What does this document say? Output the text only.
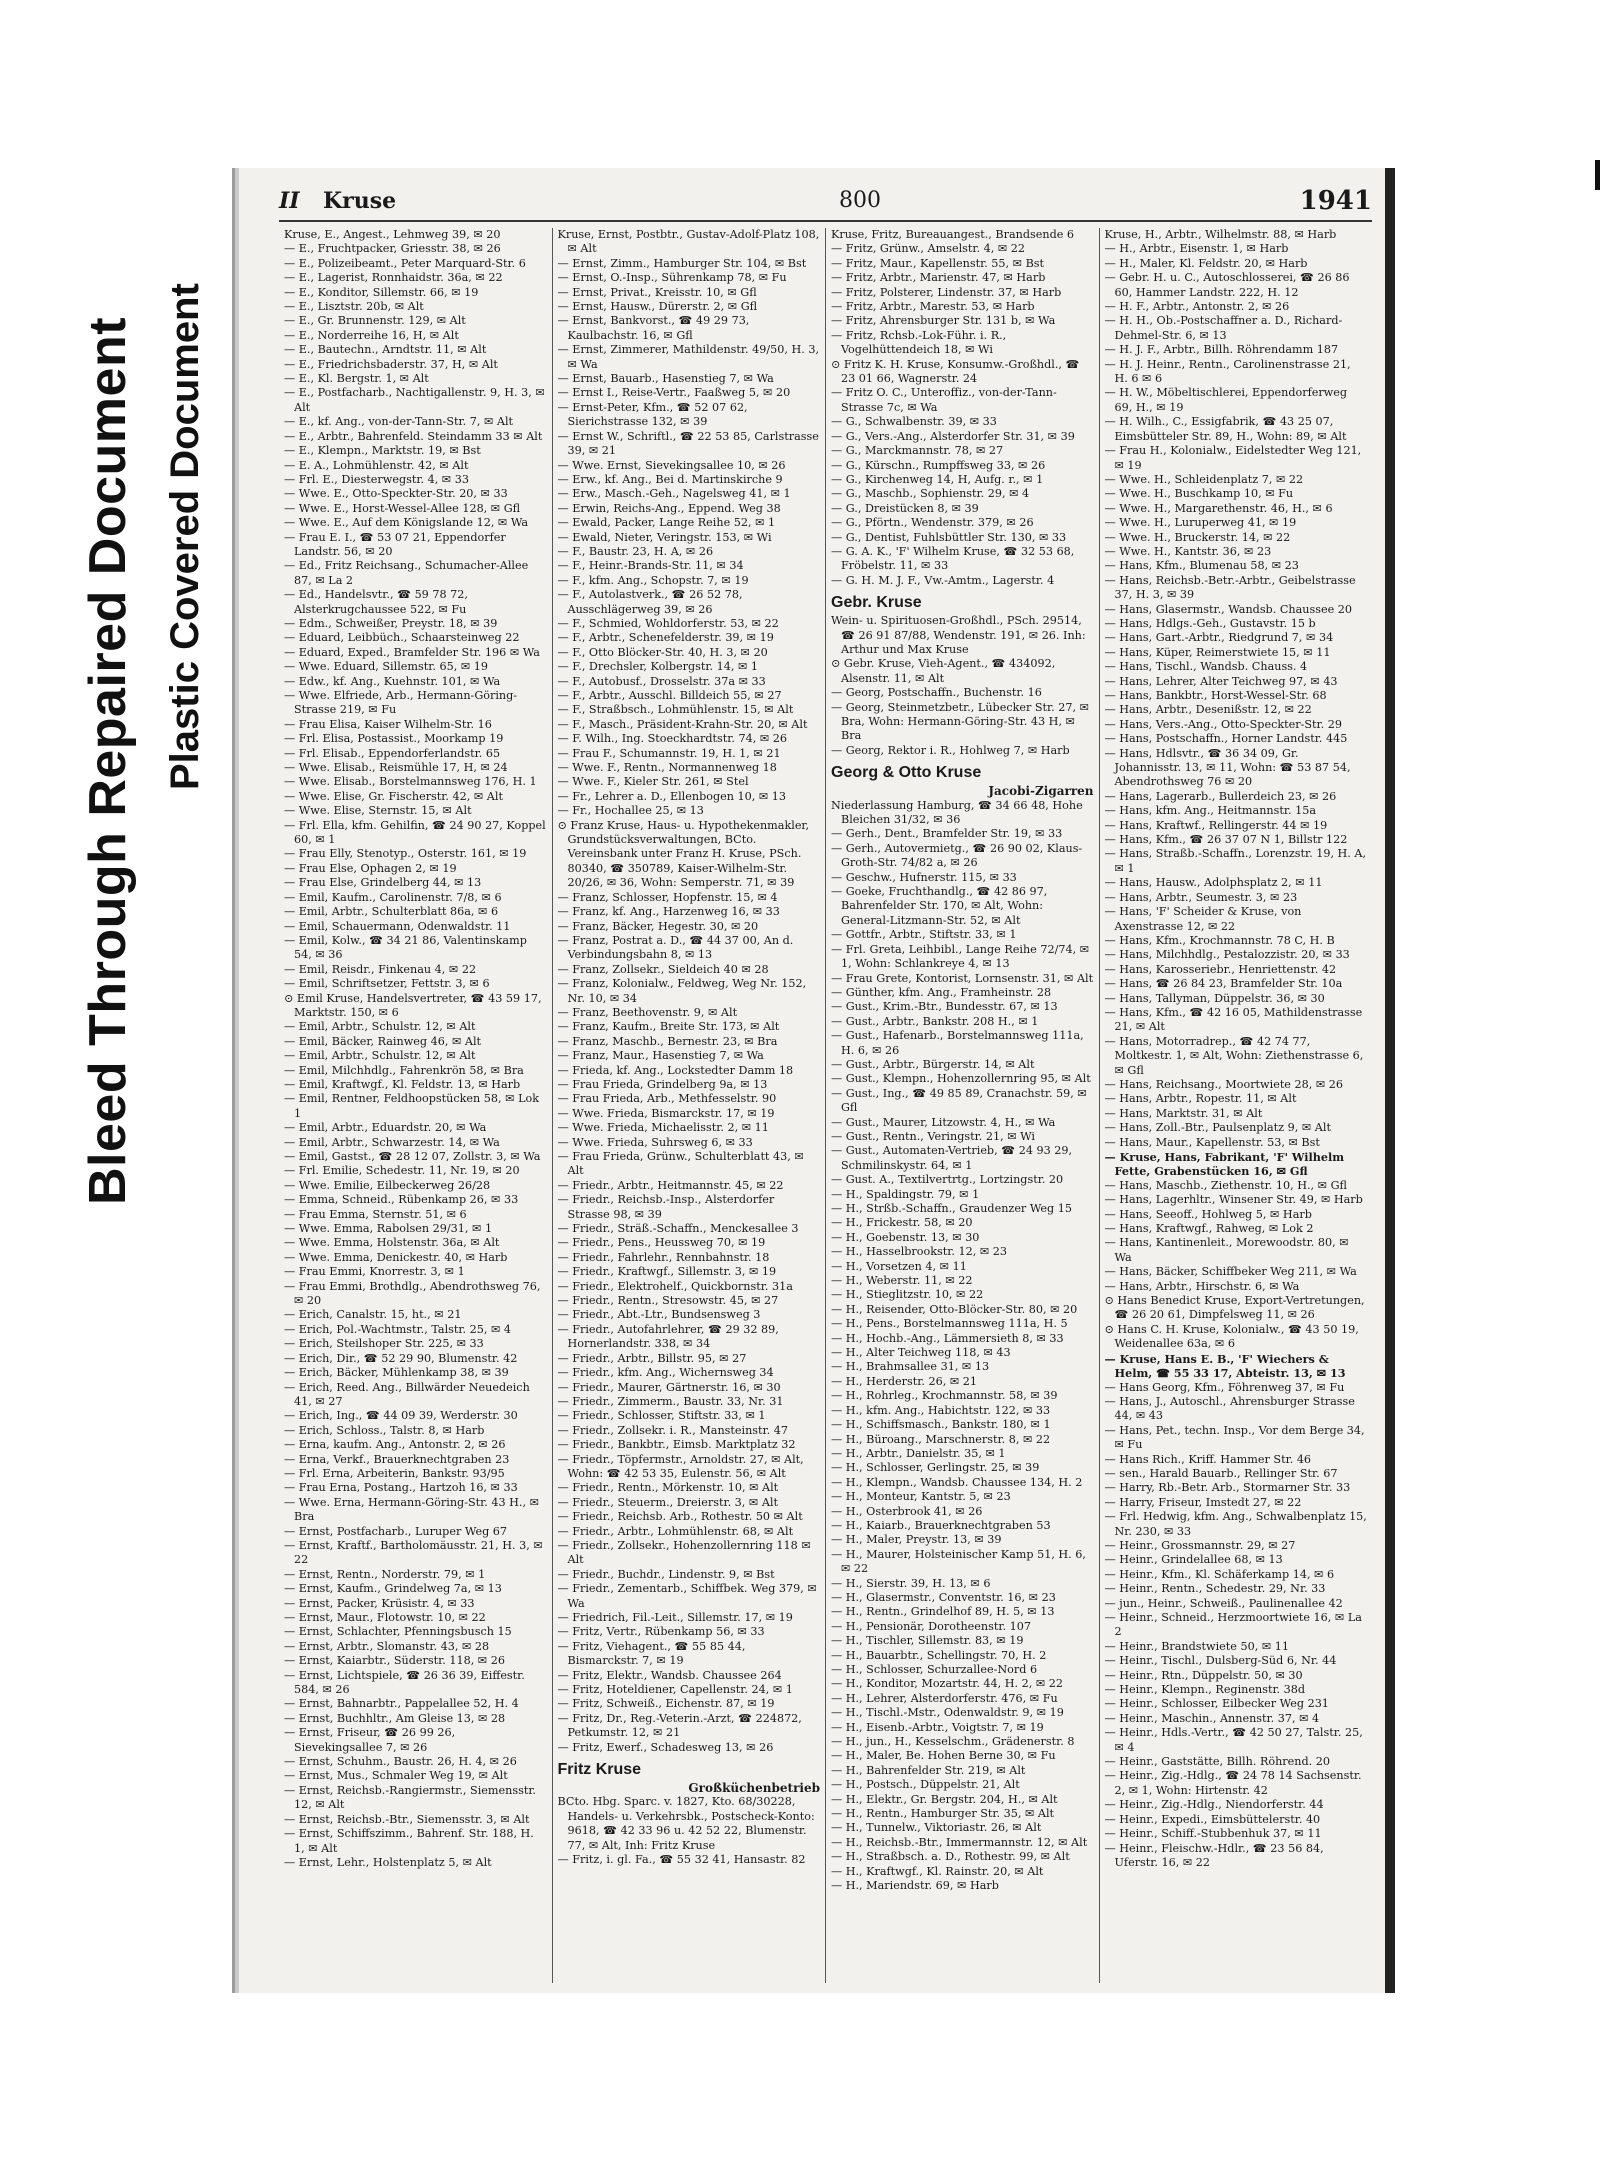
Bleed Through Repaired Document Plastic Covered Document
II Kruse	800	1941
Kruse, E., Angest., Lehmweg 39, ✉ 20
— E., Fruchtpacker, Griesstr. 38, ✉ 26
— E., Polizeibeamt., Peter Marquard-Str. 6
— E., Lagerist, Ronnhaidstr. 36a, ✉ 22
— E., Konditor, Sillemstr. 66, ✉ 19
— E., Lisztstr. 20b, ✉ Alt
— E., Gr. Brunnenstr. 129, ✉ Alt
— E., Norderreihe 16, H, ✉ Alt
— E., Bautechn., Arndtstr. 11, ✉ Alt
— E., Friedrichsbaderstr. 37, H, ✉ Alt
— E., Kl. Bergstr. 1, ✉ Alt
— E., Postfacharb., Nachtigallenstr. 9, H. 3, ✉ Alt
— E., kf. Ang., von-der-Tann-Str. 7, ✉ Alt
— E., Arbtr., Bahrenfeld. Steindamm 33 ✉ Alt
— E., Klempn., Marktstr. 19, ✉ Bst
— E. A., Lohmühlenstr. 42, ✉ Alt
— Frl. E., Diesterwegstr. 4, ✉ 33
— Wwe. E., Otto-Speckter-Str. 20, ✉ 33
— Wwe. E., Horst-Wessel-Allee 128, ✉ Gfl
— Wwe. E., Auf dem Königslande 12, ✉ Wa
— Frau E. I., ☎ 53 07 21, Eppendorfer Landstr. 56, ✉ 20
— Ed., Fritz Reichsang., Schumacher-Allee 87, ✉ La 2
— Ed., Handelsvtr., ☎ 59 78 72, Alsterkrugchaussee 522, ✉ Fu
— Edm., Schweißer, Preystr. 18, ✉ 39
— Eduard, Leibbüch., Schaarsteinweg 22
— Eduard, Exped., Bramfelder Str. 196 ✉ Wa
— Wwe. Eduard, Sillemstr. 65, ✉ 19
— Edw., kf. Ang., Kuehnstr. 101, ✉ Wa
— Wwe. Elfriede, Arb., Hermann-Göring-Strasse 219, ✉ Fu
— Frau Elisa, Kaiser Wilhelm-Str. 16
— Frl. Elisa, Postassist., Moorkamp 19
— Frl. Elisab., Eppendorferlandstr. 65
— Wwe. Elisab., Reismühle 17, H, ✉ 24
— Wwe. Elisab., Borstelmannsweg 176, H. 1
— Wwe. Elise, Gr. Fischerstr. 42, ✉ Alt
— Wwe. Elise, Sternstr. 15, ✉ Alt
— Frl. Ella, kfm. Gehilfin, ☎ 24 90 27, Koppel 60, ✉ 1
— Frau Elly, Stenotyp., Osterstr. 161, ✉ 19
— Frau Else, Ophagen 2, ✉ 19
— Frau Else, Grindelberg 44, ✉ 13
— Emil, Kaufm., Carolinenstr. 7/8, ✉ 6
— Emil, Arbtr., Schulterblatt 86a, ✉ 6
— Emil, Schauermann, Odenwaldstr. 11
— Emil, Kolw., ☎ 34 21 86, Valentinskamp 54, ✉ 36
— Emil, Reisdr., Finkenau 4, ✉ 22
— Emil, Schriftsetzer, Fettstr. 3, ✉ 6
⊙ Emil Kruse, Handelsvertreter, ☎ 43 59 17, Marktstr. 150, ✉ 6
— Emil, Arbtr., Schulstr. 12, ✉ Alt
— Emil, Bäcker, Rainweg 46, ✉ Alt
— Emil, Arbtr., Schulstr. 12, ✉ Alt
— Emil, Milchhdlg., Fahrenkrön 58, ✉ Bra
— Emil, Kraftwgf., Kl. Feldstr. 13, ✉ Harb
— Emil, Rentner, Feldhoopstücken 58, ✉ Lok 1
— Emil, Arbtr., Eduardstr. 20, ✉ Wa
— Emil, Arbtr., Schwarzestr. 14, ✉ Wa
— Emil, Gastst., ☎ 28 12 07, Zollstr. 3, ✉ Wa
— Frl. Emilie, Schedestr. 11, Nr. 19, ✉ 20
— Wwe. Emilie, Eilbeckerweg 26/28
— Emma, Schneid., Rübenkamp 26, ✉ 33
— Frau Emma, Sternstr. 51, ✉ 6
— Wwe. Emma, Rabolsen 29/31, ✉ 1
— Wwe. Emma, Holstenstr. 36a, ✉ Alt
— Wwe. Emma, Denickestr. 40, ✉ Harb
— Frau Emmi, Knorrestr. 3, ✉ 1
— Frau Emmi, Brothdlg., Abendrothsweg 76, ✉ 20
— Erich, Canalstr. 15, ht., ✉ 21
— Erich, Pol.-Wachtmstr., Talstr. 25, ✉ 4
— Erich, Steilshoper Str. 225, ✉ 33
— Erich, Dir., ☎ 52 29 90, Blumenstr. 42
— Erich, Bäcker, Mühlenkamp 38, ✉ 39
— Erich, Reed. Ang., Billwärder Neuedeich 41, ✉ 27
— Erich, Ing., ☎ 44 09 39, Werderstr. 30
— Erich, Schloss., Talstr. 8, ✉ Harb
— Erna, kaufm. Ang., Antonstr. 2, ✉ 26
— Erna, Verkf., Brauerknechtgraben 23
— Frl. Erna, Arbeiterin, Bankstr. 93/95
— Frau Erna, Postang., Hartzoh 16, ✉ 33
— Wwe. Erna, Hermann-Göring-Str. 43 H., ✉ Bra
— Ernst, Postfacharb., Luruper Weg 67
— Ernst, Kraftf., Bartholomäusstr. 21, H. 3, ✉ 22
— Ernst, Rentn., Norderstr. 79, ✉ 1
— Ernst, Kaufm., Grindelweg 7a, ✉ 13
— Ernst, Packer, Krüsistr. 4, ✉ 33
— Ernst, Maur., Flotowstr. 10, ✉ 22
— Ernst, Schlachter, Pfenningsbusch 15
— Ernst, Arbtr., Slomanstr. 43, ✉ 28
— Ernst, Kaiarbtr., Süderstr. 118, ✉ 26
— Ernst, Lichtspiele, ☎ 26 36 39, Eiffestr. 584, ✉ 26
— Ernst, Bahnarbtr., Pappelallee 52, H. 4
— Ernst, Buchhltr., Am Gleise 13, ✉ 28
— Ernst, Friseur, ☎ 26 99 26, Sievekingsallee 7, ✉ 26
— Ernst, Schuhm., Baustr. 26, H. 4, ✉ 26
— Ernst, Mus., Schmaler Weg 19, ✉ Alt
— Ernst, Reichsb.-Rangiermstr., Siemensstr. 12, ✉ Alt
— Ernst, Reichsb.-Btr., Siemensstr. 3, ✉ Alt
— Ernst, Schiffszimm., Bahrenf. Str. 188, H. 1, ✉ Alt
— Ernst, Lehr., Holstenplatz 5, ✉ Alt
Kruse, Ernst, Postbtr., Gustav-Adolf-Platz 108, ✉ Alt
— Ernst, Zimm., Hamburger Str. 104, ✉ Bst
— Ernst, O.-Insp., Sührenkamp 78, ✉ Fu
— Ernst, Privat., Kreisstr. 10, ✉ Gfl
— Ernst, Hausw., Dürerstr. 2, ✉ Gfl
— Ernst, Bankvorst., ☎ 49 29 73, Kaulbachstr. 16, ✉ Gfl
— Ernst, Zimmerer, Mathildenstr. 49/50, H. 3, ✉ Wa
— Ernst, Bauarb., Hasenstieg 7, ✉ Wa
— Ernst I., Reise-Vertr., Faaßweg 5, ✉ 20
— Ernst-Peter, Kfm., ☎ 52 07 62, Sierichstrasse 132, ✉ 39
— Ernst W., Schriftl., ☎ 22 53 85, Carlstrasse 39, ✉ 21
— Wwe. Ernst, Sievekingsallee 10, ✉ 26
— Erw., kf. Ang., Bei d. Martinskirche 9
— Erw., Masch.-Geh., Nagelsweg 41, ✉ 1
— Erwin, Reichs-Ang., Eppend. Weg 38
— Ewald, Packer, Lange Reihe 52, ✉ 1
— Ewald, Nieter, Veringstr. 153, ✉ Wi
— F., Baustr. 23, H. A, ✉ 26
— F., Heinr.-Brands-Str. 11, ✉ 34
— F., kfm. Ang., Schopstr. 7, ✉ 19
— F., Autolastverk., ☎ 26 52 78, Ausschlägerweg 39, ✉ 26
— F., Schmied, Wohldorferstr. 53, ✉ 22
— F., Arbtr., Schenefelderstr. 39, ✉ 19
— F., Otto Blöcker-Str. 40, H. 3, ✉ 20
— F., Drechsler, Kolbergstr. 14, ✉ 1
— F., Autobusf., Drosselstr. 37a ✉ 33
— F., Arbtr., Ausschl. Billdeich 55, ✉ 27
— F., Straßbsch., Lohmühlenstr. 15, ✉ Alt
— F., Masch., Präsident-Krahn-Str. 20, ✉ Alt
— F. Wilh., Ing. Stoeckhardtstr. 74, ✉ 26
— Frau F., Schumannstr. 19, H. 1, ✉ 21
— Wwe. F., Rentn., Normannenweg 18
— Wwe. F., Kieler Str. 261, ✉ Stel
— Fr., Lehrer a. D., Ellenbogen 10, ✉ 13
— Fr., Hochallee 25, ✉ 13
⊙ Franz Kruse, Haus- u. Hypothekenmakler, Grundstücksverwaltungen, BCto. Vereinsbank unter Franz H. Kruse, PSch. 80340, ☎ 350789, Kaiser-Wilhelm-Str. 20/26, ✉ 36, Wohn: Semperstr. 71, ✉ 39
— Franz, Schlosser, Hopfenstr. 15, ✉ 4
— Franz, kf. Ang., Harzenweg 16, ✉ 33
— Franz, Bäcker, Hegestr. 30, ✉ 20
— Franz, Postrat a. D., ☎ 44 37 00, An d. Verbindungsbahn 8, ✉ 13
— Franz, Zollsekr., Sieldeich 40 ✉ 28
— Franz, Kolonialw., Feldweg, Weg Nr. 152, Nr. 10, ✉ 34
— Franz, Beethovenstr. 9, ✉ Alt
— Franz, Kaufm., Breite Str. 173, ✉ Alt
— Franz, Maschb., Bernestr. 23, ✉ Bra
— Franz, Maur., Hasenstieg 7, ✉ Wa
— Frieda, kf. Ang., Lockstedter Damm 18
— Frau Frieda, Grindelberg 9a, ✉ 13
— Frau Frieda, Arb., Methfesselstr. 90
— Wwe. Frieda, Bismarckstr. 17, ✉ 19
— Wwe. Frieda, Michaelisstr. 2, ✉ 11
— Wwe. Frieda, Suhrsweg 6, ✉ 33
— Frau Frieda, Grünw., Schulterblatt 43, ✉ Alt
— Friedr., Arbtr., Heitmannstr. 45, ✉ 22
— Friedr., Reichsb.-Insp., Alsterdorfer Strasse 98, ✉ 39
— Friedr., Sträß.-Schaffn., Menckesallee 3
— Friedr., Pens., Heussweg 70, ✉ 19
— Friedr., Fahrlehr., Rennbahnstr. 18
— Friedr., Kraftwgf., Sillemstr. 3, ✉ 19
— Friedr., Elektrohelf., Quickbornstr. 31a
— Friedr., Rentn., Stresowstr. 45, ✉ 27
— Friedr., Abt.-Ltr., Bundsensweg 3
— Friedr., Autofahrlehrer, ☎ 29 32 89, Hornerlandstr. 338, ✉ 34
— Friedr., Arbtr., Billstr. 95, ✉ 27
— Friedr., kfm. Ang., Wichernsweg 34
— Friedr., Maurer, Gärtnerstr. 16, ✉ 30
— Friedr., Zimmerm., Baustr. 33, Nr. 31
— Friedr., Schlosser, Stiftstr. 33, ✉ 1
— Friedr., Zollsekr. i. R., Mansteinstr. 47
— Friedr., Bankbtr., Eimsb. Marktplatz 32
— Friedr., Töpfermstr., Arnoldstr. 27, ✉ Alt, Wohn: ☎ 42 53 35, Eulenstr. 56, ✉ Alt
— Friedr., Rentn., Mörkenstr. 10, ✉ Alt
— Friedr., Steuerm., Dreierstr. 3, ✉ Alt
— Friedr., Reichsb. Arb., Rothestr. 50 ✉ Alt
— Friedr., Arbtr., Lohmühlenstr. 68, ✉ Alt
— Friedr., Zollsekr., Hohenzollernring 118 ✉ Alt
— Friedr., Buchdr., Lindenstr. 9, ✉ Bst
— Friedr., Zementarb., Schiffbek. Weg 379, ✉ Wa
— Friedrich, Fil.-Leit., Sillemstr. 17, ✉ 19
— Fritz, Vertr., Rübenkamp 56, ✉ 33
— Fritz, Viehagent., ☎ 55 85 44, Bismarckstr. 7, ✉ 19
— Fritz, Elektr., Wandsb. Chaussee 264
— Fritz, Hoteldiener, Capellenstr. 24, ✉ 1
— Fritz, Schweiß., Eichenstr. 87, ✉ 19
— Fritz, Dr., Reg.-Veterin.-Arzt, ☎ 224872, Petkumstr. 12, ✉ 21
— Fritz, Ewerf., Schadesweg 13, ✉ 26
Fritz Kruse
Großküchenbetrieb
BCto. Hbg. Sparc. v. 1827, Kto. 68/30228, Handels- u. Verkehrsbk., Postscheck-Konto: 9618, ☎ 42 33 96 u. 42 52 22, Blumenstr. 77, ✉ Alt, Inh: Fritz Kruse
— Fritz, i. gl. Fa., ☎ 55 32 41, Hansastr. 82
Kruse, Fritz, Bureauangest., Brandsende 6
— Fritz, Grünw., Amselstr. 4, ✉ 22
— Fritz, Maur., Kapellenstr. 55, ✉ Bst
— Fritz, Arbtr., Marienstr. 47, ✉ Harb
— Fritz, Polsterer, Lindenstr. 37, ✉ Harb
— Fritz, Arbtr., Marestr. 53, ✉ Harb
— Fritz, Ahrensburger Str. 131 b, ✉ Wa
— Fritz, Rchsb.-Lok-Führ. i. R., Vogelhüttendeich 18, ✉ Wi
⊙ Fritz K. H. Kruse, Konsumw.-Großhdl., ☎ 23 01 66, Wagnerstr. 24
— Fritz O. C., Unteroffiz., von-der-Tann-Strasse 7c, ✉ Wa
— G., Schwalbenstr. 39, ✉ 33
— G., Vers.-Ang., Alsterdorfer Str. 31, ✉ 39
— G., Marckmannstr. 78, ✉ 27
— G., Kürschn., Rumpffsweg 33, ✉ 26
— G., Kirchenweg 14, H, Aufg. r., ✉ 1
— G., Maschb., Sophienstr. 29, ✉ 4
— G., Dreistücken 8, ✉ 39
— G., Pförtn., Wendenstr. 379, ✉ 26
— G., Dentist, Fuhlsbüttler Str. 130, ✉ 33
— G. A. K., 'F' Wilhelm Kruse, ☎ 32 53 68, Fröbelstr. 11, ✉ 33
— G. H. M. J. F., Vw.-Amtm., Lagerstr. 4
Gebr. Kruse
Wein- u. Spirituosen-Großhdl., PSch. 29514, ☎ 26 91 87/88, Wendenstr. 191, ✉ 26. Inh: Arthur und Max Kruse
⊙ Gebr. Kruse, Vieh-Agent., ☎ 434092, Alsenstr. 11, ✉ Alt
— Georg, Postschaffn., Buchenstr. 16
— Georg, Steinmetzbetr., Lübecker Str. 27, ✉ Bra, Wohn: Hermann-Göring-Str. 43 H, ✉ Bra
— Georg, Rektor i. R., Hohlweg 7, ✉ Harb
Georg & Otto Kruse
Jacobi-Zigarren
Niederlassung Hamburg, ☎ 34 66 48, Hohe Bleichen 31/32, ✉ 36
— Gerh., Dent., Bramfelder Str. 19, ✉ 33
— Gerh., Autovermietg., ☎ 26 90 02, Klaus-Groth-Str. 74/82 a, ✉ 26
— Geschw., Hufnerstr. 115, ✉ 33
— Goeke, Fruchthandlg., ☎ 42 86 97, Bahrenfelder Str. 170, ✉ Alt, Wohn: General-Litzmann-Str. 52, ✉ Alt
— Gottfr., Arbtr., Stiftstr. 33, ✉ 1
— Frl. Greta, Leihbibl., Lange Reihe 72/74, ✉ 1, Wohn: Schlankreye 4, ✉ 13
— Frau Grete, Kontorist, Lornsenstr. 31, ✉ Alt
— Günther, kfm. Ang., Framheinstr. 28
— Gust., Krim.-Btr., Bundesstr. 67, ✉ 13
— Gust., Arbtr., Bankstr. 208 H., ✉ 1
— Gust., Hafenarb., Borstelmannsweg 111a, H. 6, ✉ 26
— Gust., Arbtr., Bürgerstr. 14, ✉ Alt
— Gust., Klempn., Hohenzollernring 95, ✉ Alt
— Gust., Ing., ☎ 49 85 89, Cranachstr. 59, ✉ Gfl
— Gust., Maurer, Litzowstr. 4, H., ✉ Wa
— Gust., Rentn., Veringstr. 21, ✉ Wi
— Gust., Automaten-Vertrieb, ☎ 24 93 29, Schmilinskystr. 64, ✉ 1
— Gust. A., Textilvertrtg., Lortzingstr. 20
— H., Spaldingstr. 79, ✉ 1
— H., Strßb.-Schaffn., Graudenzer Weg 15
— H., Frickestr. 58, ✉ 20
— H., Goebenstr. 13, ✉ 30
— H., Hasselbrookstr. 12, ✉ 23
— H., Vorsetzen 4, ✉ 11
— H., Weberstr. 11, ✉ 22
— H., Stieglitzstr. 10, ✉ 22
— H., Reisender, Otto-Blöcker-Str. 80, ✉ 20
— H., Pens., Borstelmannsweg 111a, H. 5
— H., Hochb.-Ang., Lämmersieth 8, ✉ 33
— H., Alter Teichweg 118, ✉ 43
— H., Brahmsallee 31, ✉ 13
— H., Herderstr. 26, ✉ 21
— H., Rohrleg., Krochmannstr. 58, ✉ 39
— H., kfm. Ang., Habichtstr. 122, ✉ 33
— H., Schiffsmasch., Bankstr. 180, ✉ 1
— H., Büroang., Marschnerstr. 8, ✉ 22
— H., Arbtr., Danielstr. 35, ✉ 1
— H., Schlosser, Gerlingstr. 25, ✉ 39
— H., Klempn., Wandsb. Chaussee 134, H. 2
— H., Monteur, Kantstr. 5, ✉ 23
— H., Osterbrook 41, ✉ 26
— H., Kaiarb., Brauerknechtgraben 53
— H., Maler, Preystr. 13, ✉ 39
— H., Maurer, Holsteinischer Kamp 51, H. 6, ✉ 22
— H., Sierstr. 39, H. 13, ✉ 6
— H., Glasermstr., Conventstr. 16, ✉ 23
— H., Rentn., Grindelhof 89, H. 5, ✉ 13
— H., Pensionär, Dorotheenstr. 107
— H., Tischler, Sillemstr. 83, ✉ 19
— H., Bauarbtr., Schellingstr. 70, H. 2
— H., Schlosser, Schurzallee-Nord 6
— H., Konditor, Mozartstr. 44, H. 2, ✉ 22
— H., Lehrer, Alsterdorferstr. 476, ✉ Fu
— H., Tischl.-Mstr., Odenwaldstr. 9, ✉ 19
— H., Eisenb.-Arbtr., Voigtstr. 7, ✉ 19
— H., jun., H., Kesselschm., Grädenerstr. 8
— H., Maler, Be. Hohen Berne 30, ✉ Fu
— H., Bahrenfelder Str. 219, ✉ Alt
— H., Postsch., Düppelstr. 21, Alt
— H., Elektr., Gr. Bergstr. 204, H., ✉ Alt
— H., Rentn., Hamburger Str. 35, ✉ Alt
— H., Tunnelw., Viktoriastr. 26, ✉ Alt
— H., Reichsb.-Btr., Immermannstr. 12, ✉ Alt
— H., Straßbsch. a. D., Rothestr. 99, ✉ Alt
— H., Kraftwgf., Kl. Rainstr. 20, ✉ Alt
— H., Mariendstr. 69, ✉ Harb
Kruse, H., Arbtr., Wilhelmstr. 88, ✉ Harb
— H., Arbtr., Eisenstr. 1, ✉ Harb
— H., Maler, Kl. Feldstr. 20, ✉ Harb
— Gebr. H. u. C., Autoschlosserei, ☎ 26 86 60, Hammer Landstr. 222, H. 12
— H. F., Arbtr., Antonstr. 2, ✉ 26
— H. H., Ob.-Postschaffner a. D., Richard-Dehmel-Str. 6, ✉ 13
— H. J. F., Arbtr., Billh. Röhrendamm 187
— H. J. Heinr., Rentn., Carolinenstrasse 21, H. 6 ✉ 6
— H. W., Möbeltischlerei, Eppendorferweg 69, H., ✉ 19
— H. Wilh., C., Essigfabrik, ☎ 43 25 07, Eimsbütteler Str. 89, H., Wohn: 89, ✉ Alt
— Frau H., Kolonialw., Eidelstedter Weg 121, ✉ 19
— Wwe. H., Schleidenplatz 7, ✉ 22
— Wwe. H., Buschkamp 10, ✉ Fu
— Wwe. H., Margarethenstr. 46, H., ✉ 6
— Wwe. H., Luruperweg 41, ✉ 19
— Wwe. H., Bruckerstr. 14, ✉ 22
— Wwe. H., Kantstr. 36, ✉ 23
— Hans, Kfm., Blumenau 58, ✉ 23
— Hans, Reichsb.-Betr.-Arbtr., Geibelstrasse 37, H. 3, ✉ 39
— Hans, Glasermstr., Wandsb. Chaussee 20
— Hans, Hdlgs.-Geh., Gustavstr. 15 b
— Hans, Gart.-Arbtr., Riedgrund 7, ✉ 34
— Hans, Küper, Reimerstwiete 15, ✉ 11
— Hans, Tischl., Wandsb. Chauss. 4
— Hans, Lehrer, Alter Teichweg 97, ✉ 43
— Hans, Bankbtr., Horst-Wessel-Str. 68
— Hans, Arbtr., Desenißstr. 12, ✉ 22
— Hans, Vers.-Ang., Otto-Speckter-Str. 29
— Hans, Postschaffn., Horner Landstr. 445
— Hans, Hdlsvtr., ☎ 36 34 09, Gr. Johannisstr. 13, ✉ 11, Wohn: ☎ 53 87 54, Abendrothsweg 76 ✉ 20
— Hans, Lagerarb., Bullerdeich 23, ✉ 26
— Hans, kfm. Ang., Heitmannstr. 15a
— Hans, Kraftwf., Rellingerstr. 44 ✉ 19
— Hans, Kfm., ☎ 26 37 07 N 1, Billstr 122
— Hans, Straßb.-Schaffn., Lorenzstr. 19, H. A, ✉ 1
— Hans, Hausw., Adolphsplatz 2, ✉ 11
— Hans, Arbtr., Seumestr. 3, ✉ 23
— Hans, 'F' Scheider & Kruse, von Axenstrasse 12, ✉ 22
— Hans, Kfm., Krochmannstr. 78 C, H. B
— Hans, Milchhdlg., Pestalozzistr. 20, ✉ 33
— Hans, Karosseriebr., Henriettenstr. 42
— Hans, ☎ 26 84 23, Bramfelder Str. 10a
— Hans, Tallyman, Düppelstr. 36, ✉ 30
— Hans, Kfm., ☎ 42 16 05, Mathildenstrasse 21, ✉ Alt
— Hans, Motorradrep., ☎ 42 74 77, Moltkestr. 1, ✉ Alt, Wohn: Ziethenstrasse 6, ✉ Gfl
— Hans, Reichsang., Moortwiete 28, ✉ 26
— Hans, Arbtr., Ropestr. 11, ✉ Alt
— Hans, Marktstr. 31, ✉ Alt
— Hans, Zoll.-Btr., Paulsenplatz 9, ✉ Alt
— Hans, Maur., Kapellenstr. 53, ✉ Bst
— Kruse, Hans, Fabrikant, 'F' Wilhelm Fette, Grabenstücken 16, ✉ Gfl
— Hans, Maschb., Ziethenstr. 10, H., ✉ Gfl
— Hans, Lagerhltr., Winsener Str. 49, ✉ Harb
— Hans, Seeoff., Hohlweg 5, ✉ Harb
— Hans, Kraftwgf., Rahweg, ✉ Lok 2
— Hans, Kantinenleit., Morewoodstr. 80, ✉ Wa
— Hans, Bäcker, Schiffbeker Weg 211, ✉ Wa
— Hans, Arbtr., Hirschstr. 6, ✉ Wa
⊙ Hans Benedict Kruse, Export-Vertretungen, ☎ 26 20 61, Dimpfelsweg 11, ✉ 26
⊙ Hans C. H. Kruse, Kolonialw., ☎ 43 50 19, Weidenallee 63a, ✉ 6
— Kruse, Hans E. B., 'F' Wiechers & Helm, ☎ 55 33 17, Abteistr. 13, ✉ 13
— Hans Georg, Kfm., Föhrenweg 37, ✉ Fu
— Hans, J., Autoschl., Ahrensburger Strasse 44, ✉ 43
— Hans, Pet., techn. Insp., Vor dem Berge 34, ✉ Fu
— Hans Rich., Kriff. Hammer Str. 46
— sen., Harald Bauarb., Rellinger Str. 67
— Harry, Rb.-Betr. Arb., Stormarner Str. 33
— Harry, Friseur, Imstedt 27, ✉ 22
— Frl. Hedwig, kfm. Ang., Schwalbenplatz 15, Nr. 230, ✉ 33
— Heinr., Grossmannstr. 29, ✉ 27
— Heinr., Grindelallee 68, ✉ 13
— Heinr., Kfm., Kl. Schäferkamp 14, ✉ 6
— Heinr., Rentn., Schedestr. 29, Nr. 33
— jun., Heinr., Schweiß., Paulinenallee 42
— Heinr., Schneid., Herzmoortwiete 16, ✉ La 2
— Heinr., Brandstwiete 50, ✉ 11
— Heinr., Tischl., Dulsberg-Süd 6, Nr. 44
— Heinr., Rtn., Düppelstr. 50, ✉ 30
— Heinr., Klempn., Reginenstr. 38d
— Heinr., Schlosser, Eilbecker Weg 231
— Heinr., Maschin., Annenstr. 37, ✉ 4
— Heinr., Hdls.-Vertr., ☎ 42 50 27, Talstr. 25, ✉ 4
— Heinr., Gaststätte, Billh. Röhrend. 20
— Heinr., Zig.-Hdlg., ☎ 24 78 14 Sachsenstr. 2, ✉ 1, Wohn: Hirtenstr. 42
— Heinr., Zig.-Hdlg., Niendorferstr. 44
— Heinr., Expedi., Eimsbüttelerstr. 40
— Heinr., Schiff.-Stubbenhuk 37, ✉ 11
— Heinr., Fleischw.-Hdlr., ☎ 23 56 84, Uferstr. 16, ✉ 22
